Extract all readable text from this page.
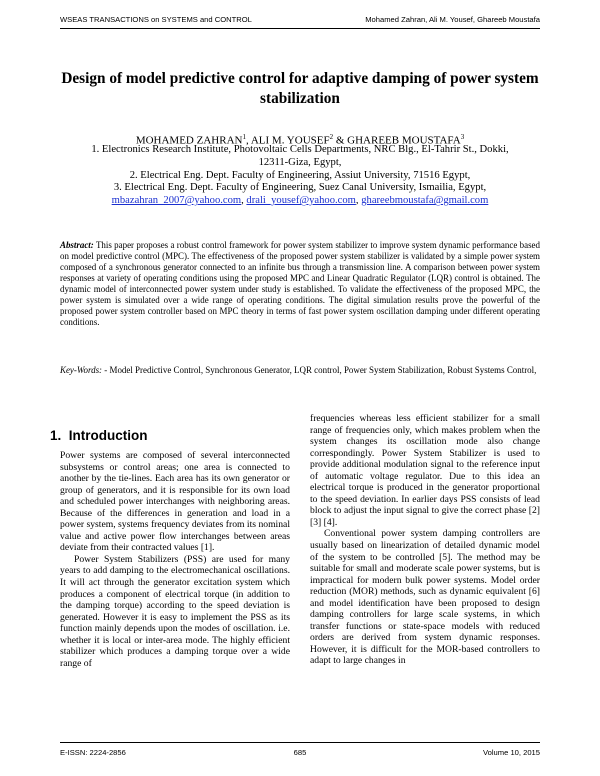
WSEAS TRANSACTIONS on SYSTEMS and CONTROL	Mohamed Zahran, Ali M. Yousef, Ghareeb Moustafa
Design of model predictive control for adaptive damping of power system stabilization
MOHAMED ZAHRAN$^1$, ALI M. YOUSEF$^2$ & GHAREEB MOUSTAFA$^3$
1. Electronics Research Institute, Photovoltaic Cells Departments, NRC Blg., El-Tahrir St., Dokki,
12311-Giza, Egypt,
2. Electrical Eng. Dept. Faculty of Engineering, Assiut University, 71516 Egypt,
3. Electrical Eng. Dept. Faculty of Engineering, Suez Canal University, Ismailia, Egypt,
mbazahran_2007@yahoo.com, drali_yousef@yahoo.com, ghareebmoustafa@gmail.com
Abstract: This paper proposes a robust control framework for power system stabilizer to improve system dynamic performance based on model predictive control (MPC). The effectiveness of the proposed power system stabilizer is validated by a simple power system composed of a synchronous generator connected to an infinite bus through a transmission line. A comparison between power system responses at variety of operating conditions using the proposed MPC and Linear Quadratic Regulator (LQR) control is obtained. The dynamic model of interconnected power system under study is established. To validate the effectiveness of the proposed MPC, the power system is simulated over a wide range of operating conditions. The digital simulation results prove the powerful of the proposed power system controller based on MPC theory in terms of fast power system oscillation damping under different operating conditions.
Key-Words: - Model Predictive Control, Synchronous Generator, LQR control, Power System Stabilization, Robust Systems Control,
1. Introduction

Power systems are composed of several interconnected subsystems or control areas; one area is connected to another by the tie-lines. Each area has its own generator or group of generators, and it is responsible for its own load and scheduled power interchanges with neighboring areas. Because of the differences in generation and load in a power system, systems frequency deviates from its nominal value and active power flow interchanges between areas deviate from their contracted values [1].

Power System Stabilizers (PSS) are used for many years to add damping to the electromechanical oscillations. It will act through the generator excitation system which produces a component of electrical torque (in addition to the damping torque) according to the speed deviation is generated. However it is easy to implement the PSS as its function mainly depends upon the modes of oscillation. i.e. whether it is local or inter-area mode. The highly efficient stabilizer which produces a damping torque over a wide range of

frequencies whereas less efficient stabilizer for a small range of frequencies only, which makes problem when the system changes its oscillation mode also change correspondingly. Power System Stabilizer is used to provide additional modulation signal to the reference input of automatic voltage regulator. Due to this idea an electrical torque is produced in the generator proportional to the speed deviation. In earlier days PSS consists of lead block to adjust the input signal to give the correct phase [2] [3] [4].

Conventional power system damping controllers are usually based on linearization of detailed dynamic model of the system to be controlled [5]. The method may be suitable for small and moderate scale power systems, but is impractical for modern bulk power systems. Model order reduction (MOR) methods, such as dynamic equivalent [6] and model identification have been proposed to design damping controllers for large scale systems, in which transfer functions or state-space models with reduced orders are derived from system dynamic responses. However, it is difficult for the MOR-based controllers to adapt to large changes in

E-ISSN: 2224-2856	685	Volume 10, 2015
